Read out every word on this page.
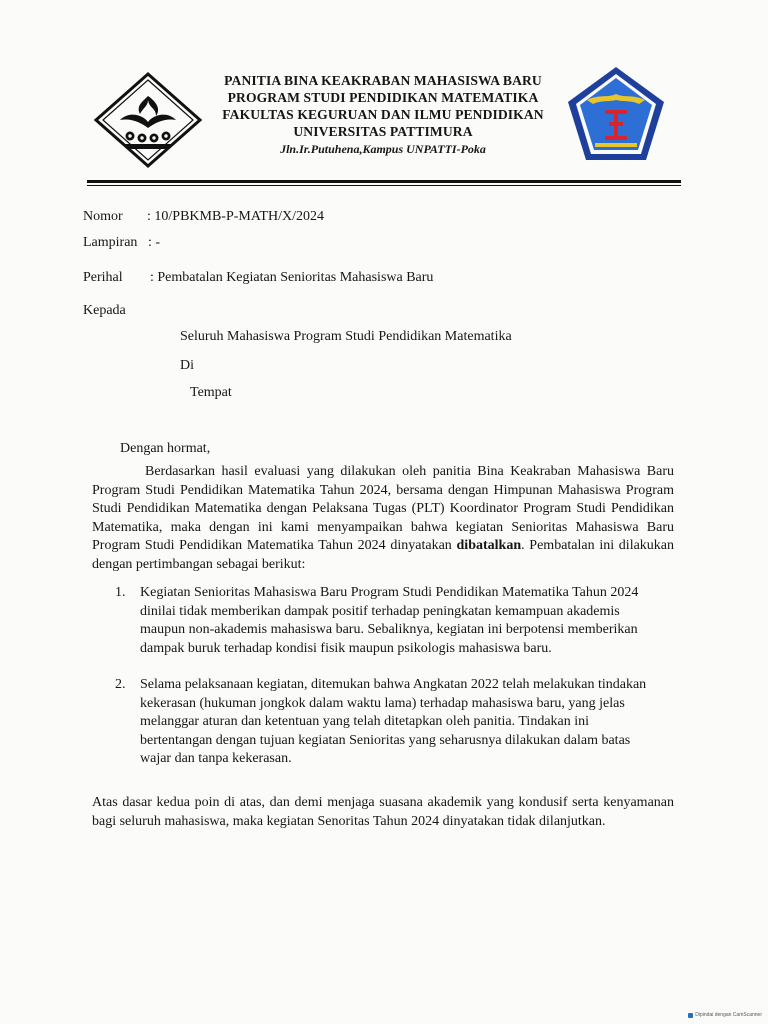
PANITIA BINA KEAKRABAN MAHASISWA BARU
PROGRAM STUDI PENDIDIKAN MATEMATIKA
FAKULTAS KEGURUAN DAN ILMU PENDIDIKAN
UNIVERSITAS PATTIMURA
Jln.Ir.Putuhena,Kampus UNPATTI-Poka
Nomor : 10/PBKMB-P-MATH/X/2024
Lampiran : -
Perihal : Pembatalan Kegiatan Senioritas Mahasiswa Baru
Kepada
Seluruh Mahasiswa Program Studi Pendidikan Matematika
Di
Tempat
Dengan hormat,
Berdasarkan hasil evaluasi yang dilakukan oleh panitia Bina Keakraban Mahasiswa Baru Program Studi Pendidikan Matematika Tahun 2024, bersama dengan Himpunan Mahasiswa Program Studi Pendidikan Matematika dengan Pelaksana Tugas (PLT) Koordinator Program Studi Pendidikan Matematika, maka dengan ini kami menyampaikan bahwa kegiatan Senioritas Mahasiswa Baru Program Studi Pendidikan Matematika Tahun 2024 dinyatakan dibatalkan. Pembatalan ini dilakukan dengan pertimbangan sebagai berikut:
1. Kegiatan Senioritas Mahasiswa Baru Program Studi Pendidikan Matematika Tahun 2024 dinilai tidak memberikan dampak positif terhadap peningkatan kemampuan akademis maupun non-akademis mahasiswa baru. Sebaliknya, kegiatan ini berpotensi memberikan dampak buruk terhadap kondisi fisik maupun psikologis mahasiswa baru.
2. Selama pelaksanaan kegiatan, ditemukan bahwa Angkatan 2022 telah melakukan tindakan kekerasan (hukuman jongkok dalam waktu lama) terhadap mahasiswa baru, yang jelas melanggar aturan dan ketentuan yang telah ditetapkan oleh panitia. Tindakan ini bertentangan dengan tujuan kegiatan Senioritas yang seharusnya dilakukan dalam batas wajar dan tanpa kekerasan.
Atas dasar kedua poin di atas, dan demi menjaga suasana akademik yang kondusif serta kenyamanan bagi seluruh mahasiswa, maka kegiatan Senoritas Tahun 2024 dinyatakan tidak dilanjutkan.
Dipindai dengan CamScanner
